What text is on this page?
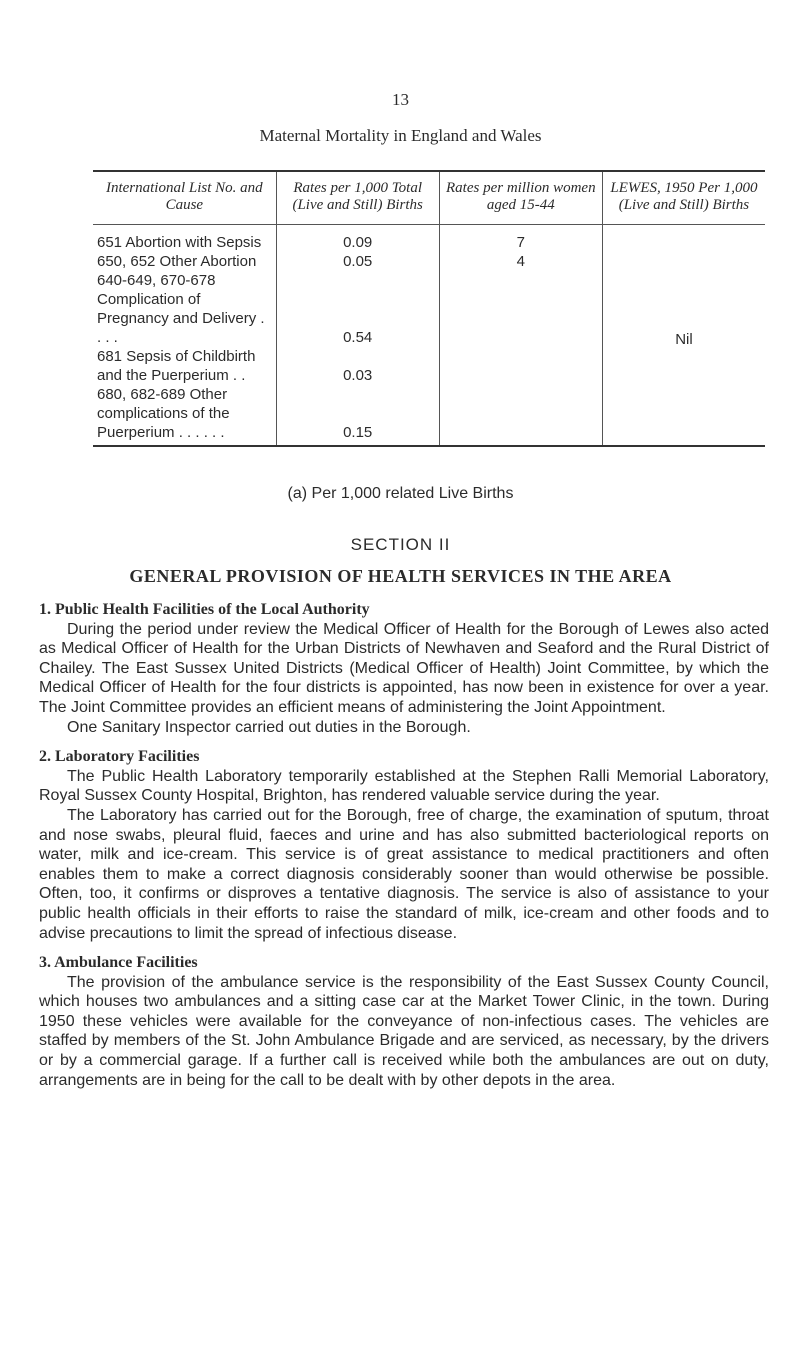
13
Maternal Mortality in England and Wales
International List No. and Cause	Rates per 1,000 Total (Live and Still) Births	Rates per million women aged 15-44	LEWES, 1950 Per 1,000 (Live and Still) Births
651 Abortion with Sepsis	0.09	7	Nil
650, 652 Other Abortion	0.05	4	
640-649, 670-678 Complication of Pregnancy and Delivery . . . .	0.54		
681 Sepsis of Childbirth and the Puerperium . .	0.03		
680, 682-689 Other complications of the Puerperium . . . . . .	0.15		
(a) Per 1,000 related Live Births
SECTION II
GENERAL PROVISION OF HEALTH SERVICES IN THE AREA
1. Public Health Facilities of the Local Authority

During the period under review the Medical Officer of Health for the Borough of Lewes also acted as Medical Officer of Health for the Urban Districts of Newhaven and Seaford and the Rural District of Chailey. The East Sussex United Districts (Medical Officer of Health) Joint Committee, by which the Medical Officer of Health for the four districts is appointed, has now been in existence for over a year. The Joint Committee provides an efficient means of administering the Joint Appointment.

One Sanitary Inspector carried out duties in the Borough.

2. Laboratory Facilities

The Public Health Laboratory temporarily established at the Stephen Ralli Memorial Laboratory, Royal Sussex County Hospital, Brighton, has rendered valuable service during the year.

The Laboratory has carried out for the Borough, free of charge, the examination of sputum, throat and nose swabs, pleural fluid, faeces and urine and has also submitted bacteriological reports on water, milk and ice-cream. This service is of great assistance to medical practitioners and often enables them to make a correct diagnosis considerably sooner than would otherwise be possible. Often, too, it confirms or disproves a tentative diagnosis. The service is also of assistance to your public health officials in their efforts to raise the standard of milk, ice-cream and other foods and to advise precautions to limit the spread of infectious disease.

3. Ambulance Facilities

The provision of the ambulance service is the responsibility of the East Sussex County Council, which houses two ambulances and a sitting case car at the Market Tower Clinic, in the town. During 1950 these vehicles were available for the conveyance of non-infectious cases. The vehicles are staffed by members of the St. John Ambulance Brigade and are serviced, as necessary, by the drivers or by a commercial garage. If a further call is received while both the ambulances are out on duty, arrangements are in being for the call to be dealt with by other depots in the area.
